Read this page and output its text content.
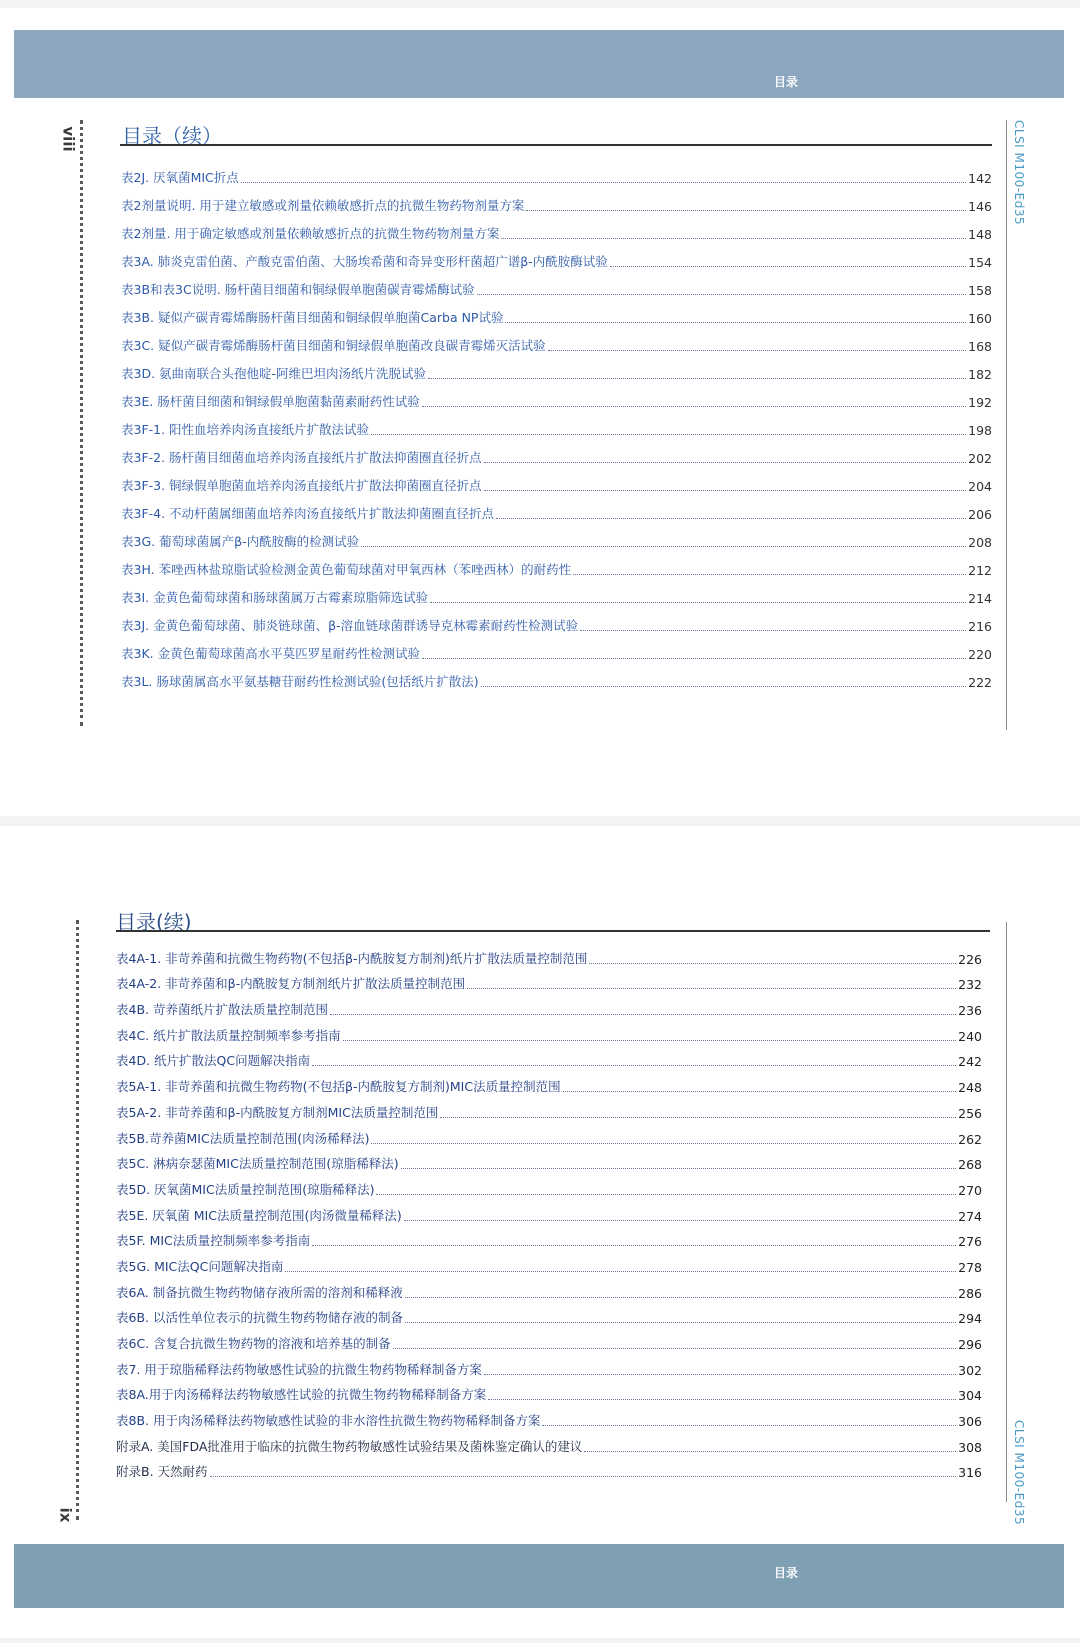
目录
viii	CLSI M100-Ed35
目录（续）
表2J. 厌氧菌MIC折点	142
表2剂量说明. 用于建立敏感或剂量依赖敏感折点的抗微生物药物剂量方案	146
表2剂量. 用于确定敏感或剂量依赖敏感折点的抗微生物药物剂量方案	148
表3A. 肺炎克雷伯菌、产酸克雷伯菌、大肠埃希菌和奇异变形杆菌超广谱β-内酰胺酶试验	154
表3B和表3C说明. 肠杆菌目细菌和铜绿假单胞菌碳青霉烯酶试验	158
表3B. 疑似产碳青霉烯酶肠杆菌目细菌和铜绿假单胞菌Carba NP试验	160
表3C. 疑似产碳青霉烯酶肠杆菌目细菌和铜绿假单胞菌改良碳青霉烯灭活试验	168
表3D. 氨曲南联合头孢他啶-阿维巴坦肉汤纸片洗脱试验	182
表3E. 肠杆菌目细菌和铜绿假单胞菌黏菌素耐药性试验	192
表3F-1. 阳性血培养肉汤直接纸片扩散法试验	198
表3F-2. 肠杆菌目细菌血培养肉汤直接纸片扩散法抑菌圈直径折点	202
表3F-3. 铜绿假单胞菌血培养肉汤直接纸片扩散法抑菌圈直径折点	204
表3F-4. 不动杆菌属细菌血培养肉汤直接纸片扩散法抑菌圈直径折点	206
表3G. 葡萄球菌属产β-内酰胺酶的检测试验	208
表3H. 苯唑西林盐琼脂试验检测金黄色葡萄球菌对甲氧西林（苯唑西林）的耐药性	212
表3I. 金黄色葡萄球菌和肠球菌属万古霉素琼脂筛选试验	214
表3J. 金黄色葡萄球菌、肺炎链球菌、β-溶血链球菌群诱导克林霉素耐药性检测试验	216
表3K. 金黄色葡萄球菌高水平莫匹罗星耐药性检测试验	220
表3L. 肠球菌属高水平氨基糖苷耐药性检测试验(包括纸片扩散法)	222
ix	CLSI M100-Ed35
目录(续)
表4A-1. 非苛养菌和抗微生物药物(不包括β-内酰胺复方制剂)纸片扩散法质量控制范围	226
表4A-2. 非苛养菌和β-内酰胺复方制剂纸片扩散法质量控制范围	232
表4B. 苛养菌纸片扩散法质量控制范围	236
表4C. 纸片扩散法质量控制频率参考指南	240
表4D. 纸片扩散法QC问题解决指南	242
表5A-1. 非苛养菌和抗微生物药物(不包括β-内酰胺复方制剂)MIC法质量控制范围	248
表5A-2. 非苛养菌和β-内酰胺复方制剂MIC法质量控制范围	256
表5B.苛养菌MIC法质量控制范围(肉汤稀释法)	262
表5C. 淋病奈瑟菌MIC法质量控制范围(琼脂稀释法)	268
表5D. 厌氧菌MIC法质量控制范围(琼脂稀释法)	270
表5E. 厌氧菌 MIC法质量控制范围(肉汤微量稀释法)	274
表5F. MIC法质量控制频率参考指南	276
表5G. MIC法QC问题解决指南	278
表6A. 制备抗微生物药物储存液所需的溶剂和稀释液	286
表6B. 以活性单位表示的抗微生物药物储存液的制备	294
表6C. 含复合抗微生物药物的溶液和培养基的制备	296
表7. 用于琼脂稀释法药物敏感性试验的抗微生物药物稀释制备方案	302
表8A.用于肉汤稀释法药物敏感性试验的抗微生物药物稀释制备方案	304
表8B. 用于肉汤稀释法药物敏感性试验的非水溶性抗微生物药物稀释制备方案	306
附录A. 美国FDA批准用于临床的抗微生物药物敏感性试验结果及菌株鉴定确认的建议	308
附录B. 天然耐药	316
目录
